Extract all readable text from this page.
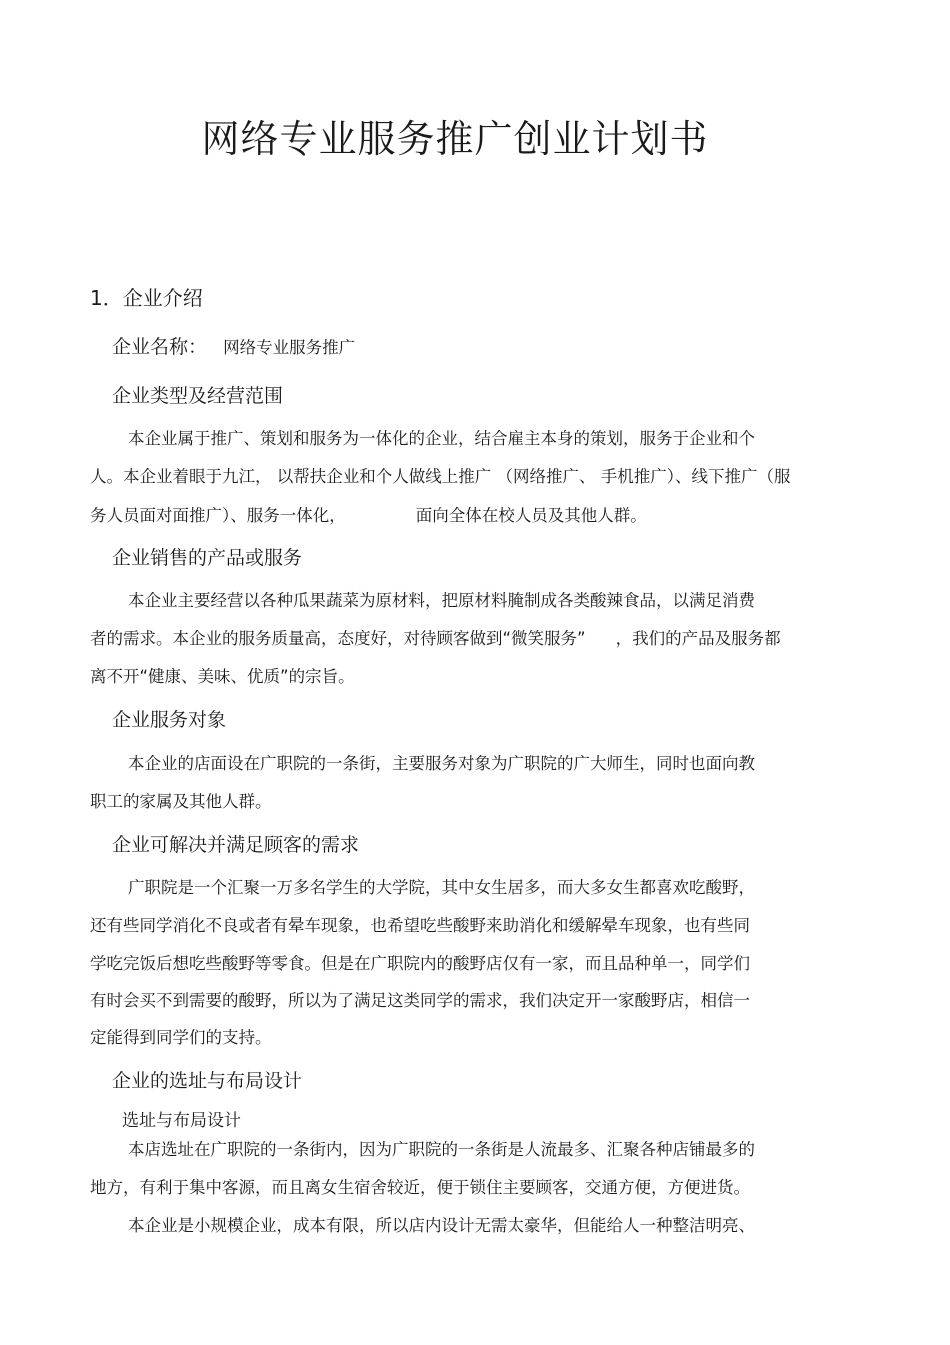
网络专业服务推广创业计划书
1．企业介绍
企业名称： 网络专业服务推广
企业类型及经营范围
本企业属于推广、策划和服务为一体化的企业，结合雇主本身的策划，服务于企业和个
人。本企业着眼于九江， 以帮扶企业和个人做线上推广 （网络推广、 手机推广）、线下推广（服
务人员面对面推广）、服务一体化，	面向全体在校人员及其他人群。
企业销售的产品或服务
本企业主要经营以各种瓜果蔬菜为原材料，把原材料腌制成各类酸辣食品，以满足消费
者的需求。本企业的服务质量高，态度好，对待顾客做到“微笑服务” ，我们的产品及服务都
离不开“健康、美味、优质”的宗旨。
企业服务对象
本企业的店面设在广职院的一条街，主要服务对象为广职院的广大师生，同时也面向教
职工的家属及其他人群。
企业可解决并满足顾客的需求
广职院是一个汇聚一万多名学生的大学院，其中女生居多，而大多女生都喜欢吃酸野，
还有些同学消化不良或者有晕车现象，也希望吃些酸野来助消化和缓解晕车现象，也有些同
学吃完饭后想吃些酸野等零食。但是在广职院内的酸野店仅有一家，而且品种单一，同学们
有时会买不到需要的酸野，所以为了满足这类同学的需求，我们决定开一家酸野店，相信一
定能得到同学们的支持。
企业的选址与布局设计
选址与布局设计
本店选址在广职院的一条街内，因为广职院的一条街是人流最多、汇聚各种店铺最多的
地方，有利于集中客源，而且离女生宿舍较近，便于锁住主要顾客，交通方便，方便进货。
本企业是小规模企业，成本有限，所以店内设计无需太豪华，但能给人一种整洁明亮、
